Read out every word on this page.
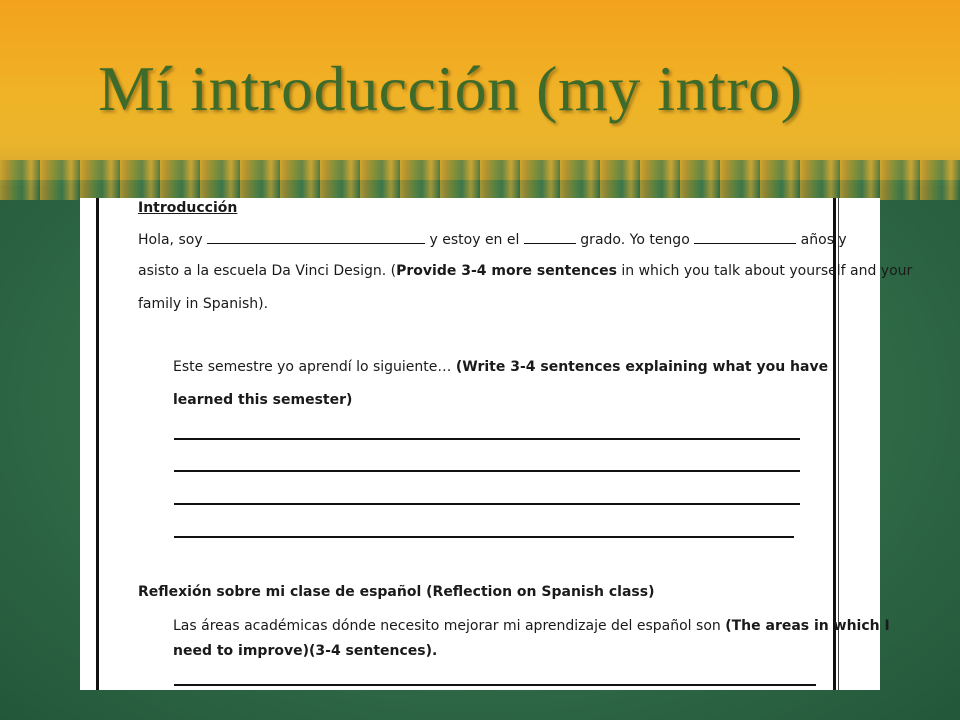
Mí introducción (my intro)
Introducción
Hola, soy	y estoy en el	grado. Yo tengo	años y
asisto a la escuela Da Vinci Design. (Provide 3-4 more sentences in which you talk about yourself and your
family in Spanish).
Este semestre yo aprendí lo siguiente… (Write 3-4 sentences explaining what you have
learned this semester)
Reflexión sobre mi clase de español (Reflection on Spanish class)
Las áreas académicas dónde necesito mejorar mi aprendizaje del español son (The areas in which I
need to improve)(3-4 sentences).
